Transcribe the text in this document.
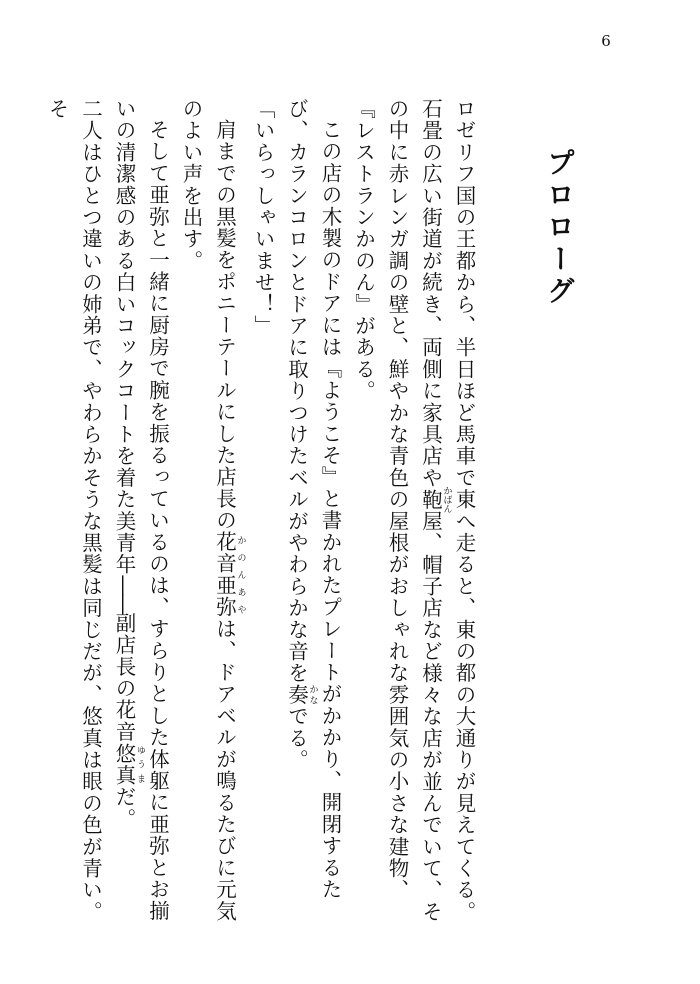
6
プロローグ

ロゼリフ国の王都から、半日ほど馬車で東へ走ると、東の都の大通りが見えてくる。石畳の広い街道が続き、両側に家具店や鞄 かばん屋、帽子店など様々な店が並んでいて、その中に赤レンガ調の壁と、鮮やかな青色の屋根がおしゃれな雰囲気の小さな建物、『レストランかのん』がある。

この店の木製のドアには『ようこそ』と書かれたプレートがかかり、開閉するたび、カランコロンとドアに取りつけたベルがやわらかな音を奏 かなでる。

「いらっしゃいませ！」

肩までの黒髪をポニーテールにした店長の花音亜弥 かのんあやは、ドアベルが鳴るたびに元気のよい声を出す。

そして亜弥と一緒に厨房で腕を振るっているのは、すらりとした体躯に亜弥とお揃いの清潔感のある白いコックコートを着た美青年――副店長の花音悠真 ゆうまだ。

二人はひとつ違いの姉弟で、やわらかそうな黒髪は同じだが、悠真は眼の色が青い。そ
